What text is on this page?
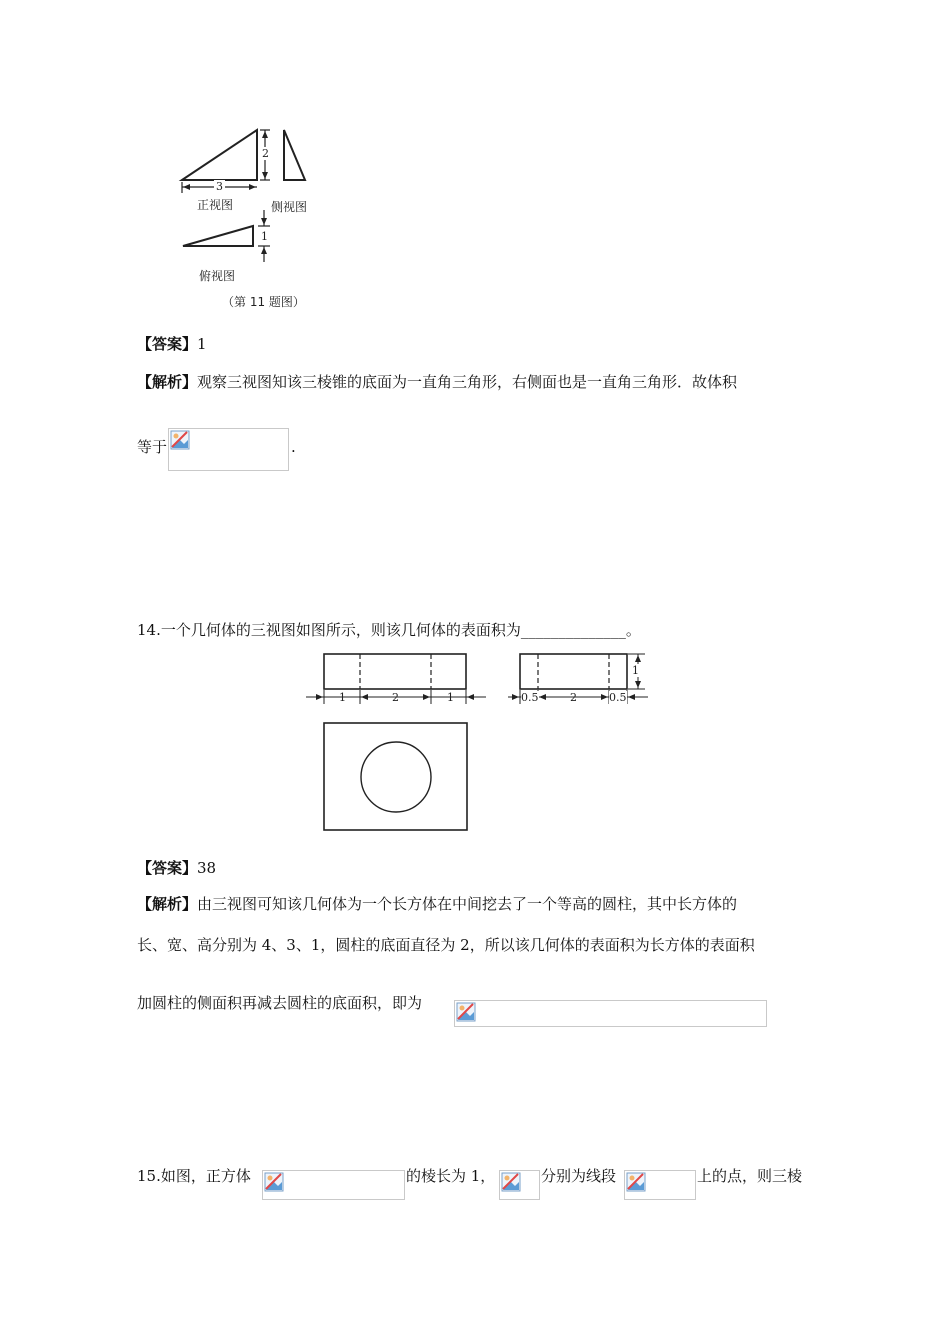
2
3
1
正视图	侧视图
俯视图
（第 11 题图）
【答案】1
【解析】观察三视图知该三棱锥的底面为一直角三角形，右侧面也是一直角三角形．故体积
等于	.
14.一个几何体的三视图如图所示，则该几何体的表面积为______________。
1	2	1	0.5	2	0.5
1
【答案】38
【解析】由三视图可知该几何体为一个长方体在中间挖去了一个等高的圆柱，其中长方体的
长、宽、高分别为 4、3、1，圆柱的底面直径为 2，所以该几何体的表面积为长方体的表面积
加圆柱的侧面积再减去圆柱的底面积，即为
15.如图，正方体	的棱长为 1，	分别为线段	上的点，则三棱
